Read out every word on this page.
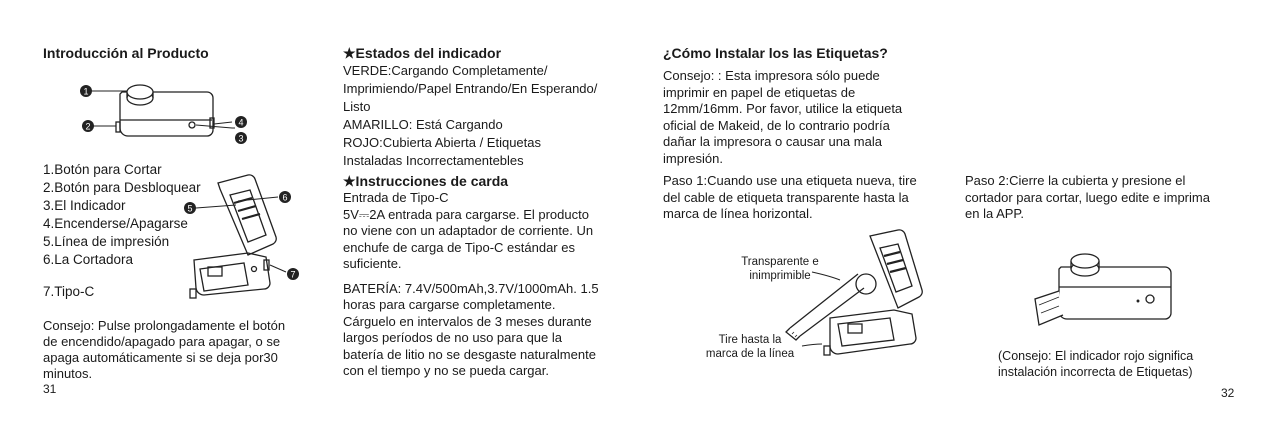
Introducción al Producto
1
2	4
3
5
6
7
1.Botón para Cortar
2.Botón para Desbloquear
3.El Indicador
4.Encenderse/Apagarse
5.Línea de impresión
6.La Cortadora
7.Tipo-C
Consejo: Pulse prolongadamente el botón
de encendido/apagado para apagar, o se
apaga automáticamente si se deja por30
minutos.
31
★Estados del indicador
VERDE:Cargando Completamente/
Imprimiendo/Papel Entrando/En Esperando/
Listo
AMARILLO: Está Cargando
ROJO:Cubierta Abierta / Etiquetas
Instaladas Incorrectamentebles
★Instrucciones de carda
Entrada de Tipo-C
5V⎓2A entrada para cargarse. El producto
no viene con un adaptador de corriente. Un
enchufe de carga de Tipo-C estándar es
suficiente.
BATERÍA: 7.4V/500mAh,3.7V/1000mAh. 1.5
horas para cargarse completamente.
Cárguelo en intervalos de 3 meses durante
largos períodos de no uso para que la
batería de litio no se desgaste naturalmente
con el tiempo y no se pueda cargar.
¿Cómo Instalar los las Etiquetas?
Consejo: : Esta impresora sólo puede
imprimir en papel de etiquetas de
12mm/16mm. Por favor, utilice la etiqueta
oficial de Makeid, de lo contrario podría
dañar la impresora o causar una mala
impresión.
Paso 1:Cuando use una etiqueta nueva, tire
del cable de etiqueta transparente hasta la
marca de línea horizontal.
Transparente e
inimprimible
Tire hasta la
marca de la línea
Paso 2:Cierre la cubierta y presione el
cortador para cortar, luego edite e imprima
en la APP.
(Consejo: El indicador rojo significa
instalación incorrecta de Etiquetas)
32
